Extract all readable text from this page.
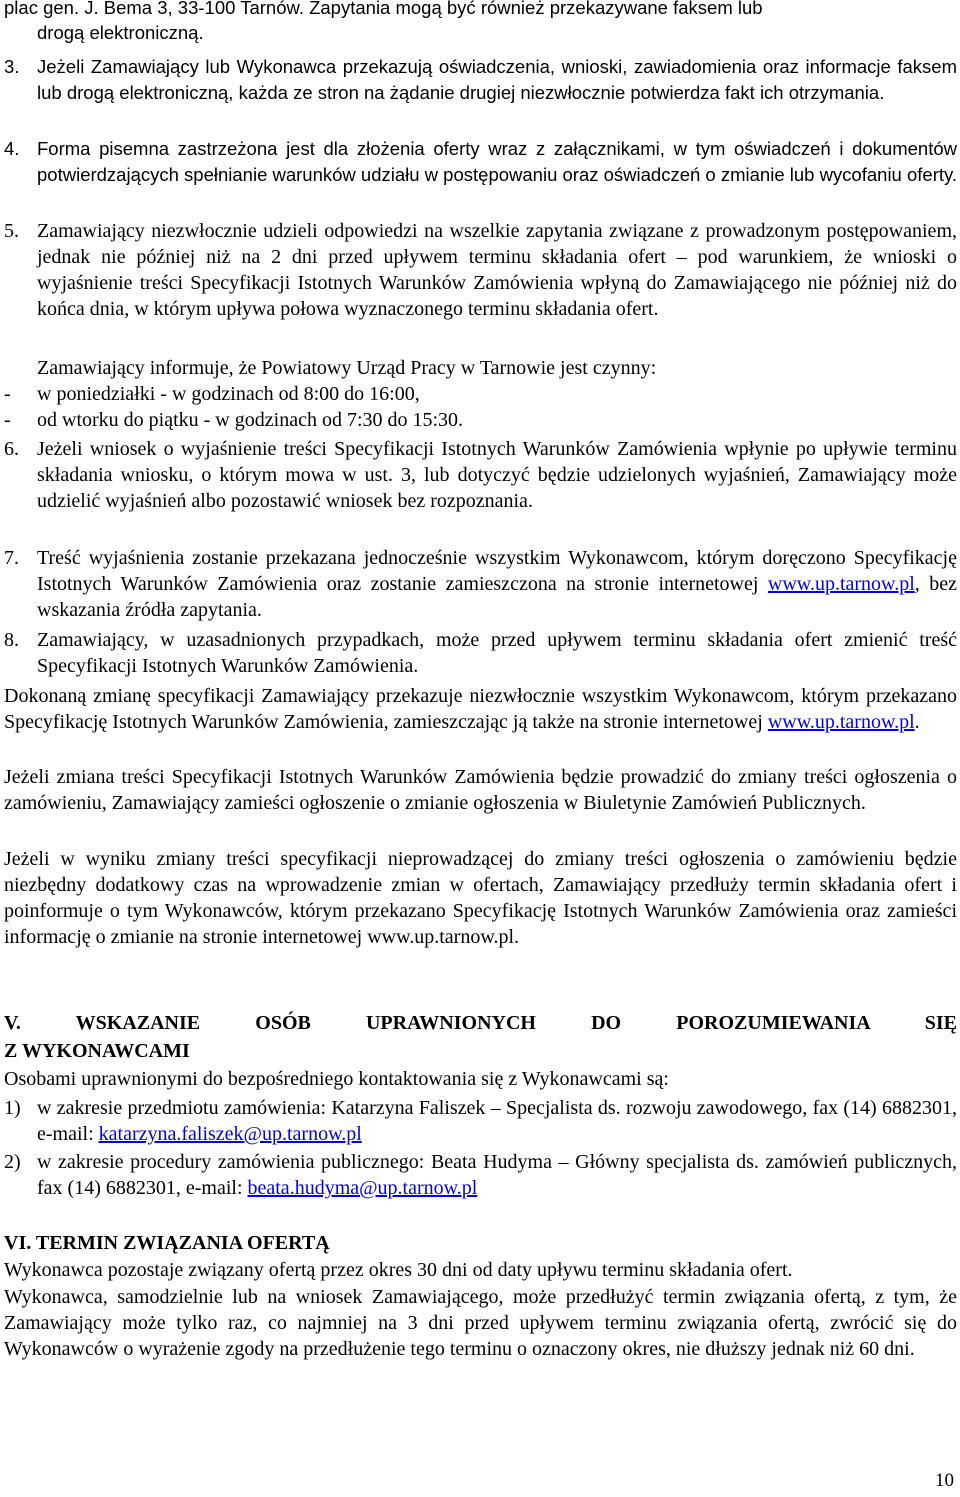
plac gen. J. Bema 3, 33-100 Tarnów. Zapytania mogą być również przekazywane faksem lub

drogą elektroniczną.

3. Jeżeli Zamawiający lub Wykonawca przekazują oświadczenia, wnioski, zawiadomienia oraz informacje faksem lub drogą elektroniczną, każda ze stron na żądanie drugiej niezwłocznie potwierdza fakt ich otrzymania.

4. Forma pisemna zastrzeżona jest dla złożenia oferty wraz z załącznikami, w tym oświadczeń i dokumentów potwierdzających spełnianie warunków udziału w postępowaniu oraz oświadczeń o zmianie lub wycofaniu oferty.

5. Zamawiający niezwłocznie udzieli odpowiedzi na wszelkie zapytania związane z prowadzonym postępowaniem, jednak nie później niż na 2 dni przed upływem terminu składania ofert – pod warunkiem, że wnioski o wyjaśnienie treści Specyfikacji Istotnych Warunków Zamówienia wpłyną do Zamawiającego nie później niż do końca dnia, w którym upływa połowa wyznaczonego terminu składania ofert.

Zamawiający informuje, że Powiatowy Urząd Pracy w Tarnowie jest czynny:

- w poniedziałki - w godzinach od 8:00 do 16:00,

- od wtorku do piątku - w godzinach od 7:30 do 15:30.

6. Jeżeli wniosek o wyjaśnienie treści Specyfikacji Istotnych Warunków Zamówienia wpłynie po upływie terminu składania wniosku, o którym mowa w ust. 3, lub dotyczyć będzie udzielonych wyjaśnień, Zamawiający może udzielić wyjaśnień albo pozostawić wniosek bez rozpoznania.

7. Treść wyjaśnienia zostanie przekazana jednocześnie wszystkim Wykonawcom, którym doręczono Specyfikację Istotnych Warunków Zamówienia oraz zostanie zamieszczona na stronie internetowej www.up.tarnow.pl, bez wskazania źródła zapytania.

8. Zamawiający, w uzasadnionych przypadkach, może przed upływem terminu składania ofert zmienić treść Specyfikacji Istotnych Warunków Zamówienia.

Dokonaną zmianę specyfikacji Zamawiający przekazuje niezwłocznie wszystkim Wykonawcom, którym przekazano Specyfikację Istotnych Warunków Zamówienia, zamieszczając ją także na stronie internetowej www.up.tarnow.pl.

Jeżeli zmiana treści Specyfikacji Istotnych Warunków Zamówienia będzie prowadzić do zmiany treści ogłoszenia o zamówieniu, Zamawiający zamieści ogłoszenie o zmianie ogłoszenia w Biuletynie Zamówień Publicznych.

Jeżeli w wyniku zmiany treści specyfikacji nieprowadzącej do zmiany treści ogłoszenia o zamówieniu będzie niezbędny dodatkowy czas na wprowadzenie zmian w ofertach, Zamawiający przedłuży termin składania ofert i poinformuje o tym Wykonawców, którym przekazano Specyfikację Istotnych Warunków Zamówienia oraz zamieści informację o zmianie na stronie internetowej www.up.tarnow.pl.

V. WSKAZANIE OSÓB UPRAWNIONYCH DO POROZUMIEWANIA SIĘ

Z WYKONAWCAMI

Osobami uprawnionymi do bezpośredniego kontaktowania się z Wykonawcami są:

1) w zakresie przedmiotu zamówienia: Katarzyna Faliszek – Specjalista ds. rozwoju zawodowego, fax (14) 6882301, e-mail: katarzyna.faliszek@up.tarnow.pl

2) w zakresie procedury zamówienia publicznego: Beata Hudyma – Główny specjalista ds. zamówień publicznych, fax (14) 6882301, e-mail: beata.hudyma@up.tarnow.pl

VI. TERMIN ZWIĄZANIA OFERTĄ

Wykonawca pozostaje związany ofertą przez okres 30 dni od daty upływu terminu składania ofert.

Wykonawca, samodzielnie lub na wniosek Zamawiającego, może przedłużyć termin związania ofertą, z tym, że Zamawiający może tylko raz, co najmniej na 3 dni przed upływem terminu związania ofertą, zwrócić się do Wykonawców o wyrażenie zgody na przedłużenie tego terminu o oznaczony okres, nie dłuższy jednak niż 60 dni.

10
